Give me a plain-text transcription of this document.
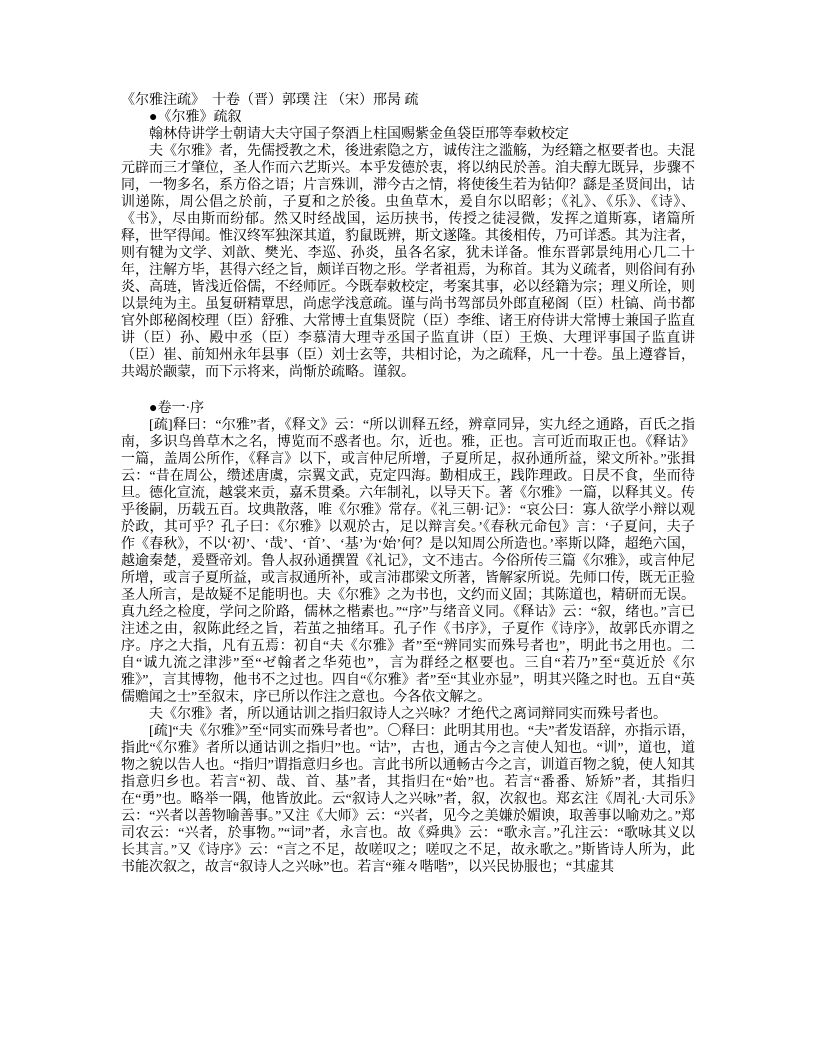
《尔雅注疏》　十卷（晋）郭璞 注 （宋）邢昺 疏

●《尔雅》疏叙

翰林侍讲学士朝请大夫守国子祭酒上柱国赐紫金鱼袋臣邢等奉敕校定

夫《尔雅》者，先儒授教之术，後进索隐之方，诚传注之滥觞，为经籍之枢要者也。夫混元辟而三才肇位，圣人作而六艺斯兴。本乎发德於衷，将以纳民於善。洎夫醇尢既异，步骤不同，一物多名，系方俗之语；片言殊训，滞今古之情，将使後生若为钻仰？繇是圣贤间出，诂训递陈，周公倡之於前，子夏和之於後。虫鱼草木，爰自尔以昭彰；《礼》、《乐》、《诗》、《书》，尽由斯而纷郁。然又时经战国，运历挟书，传授之徒浸微，发挥之道斯寡，诸篇所释，世罕得闻。惟汉终军独深其道，豹鼠既辨，斯文遂隆。其後相传，乃可详悉。其为注者，则有犍为文学、刘歆、樊光、李巡、孙炎，虽各名家，犹未详备。惟东晋郭景纯用心几二十年，注解方毕，甚得六经之旨，颇详百物之形。学者祖焉，为称首。其为义疏者，则俗间有孙炎、高琏，皆浅近俗儒，不经师匠。今既奉敕校定，考案其事，必以经籍为宗；理义所诠，则以景纯为主。虽复研精覃思，尚虑学浅意疏。谨与尚书驾部员外郎直秘阁（臣）杜镐、尚书都官外郎秘阁校理（臣）舒雅、大常博士直集贤院（臣）李维、诸王府侍讲大常博士兼国子监直讲（臣）孙、殿中丞（臣）李慕清大理寺丞国子监直讲（臣）王焕、大理评事国子监直讲（臣）崔、前知州永年县事（臣）刘士玄等，共相讨论，为之疏释，凡一十卷。虽上遵睿旨，共竭於颛蒙，而下示将来，尚惭於疏略。谨叙。

●卷一·序

[疏]释曰：“尔雅”者，《释文》云：“所以训释五经，辨章同异，实九经之通路，百氏之指南，多识鸟兽草木之名，博览而不惑者也。尔，近也。雅，正也。言可近而取正也。《释诂》一篇，盖周公所作，《释言》以下，或言仲尼所增，子夏所足，叔孙通所益，梁文所补。”张揖云：“昔在周公，缵述唐虞，宗翼文武，克定四海。勤相成王，践阼理政。日昃不食，坐而待旦。德化宣流，越裳来贡，嘉禾贯桑。六年制礼，以导天下。著《尔雅》一篇，以释其义。传乎後嗣，历载五百。坟典散落，唯《尔雅》常存。《礼三朝·记》：“哀公曰：寡人欲学小辩以观於政，其可乎？孔子曰：《尔雅》以观於古，足以辩言矣。’《春秋元命包》言：‘子夏问，夫子作《春秋》，不以‘初’、‘哉’、‘首’、‘基’为‘始’何？是以知周公所造也。’率斯以降，超绝六国，越逾秦楚，爰暨帝刘。鲁人叔孙通撰置《礼记》，文不违古。今俗所传三篇《尔雅》，或言仲尼所增，或言子夏所益，或言叔通所补，或言沛郡梁文所著，皆解家所说。先师口传，既无正验圣人所言，是故疑不足能明也。夫《尔雅》之为书也，文约而义固；其陈道也，精研而无误。真九经之检度，学问之阶路，儒林之楷素也。”“序”与绪音义同。《释诂》云：“叙，绪也。”言已注述之由，叙陈此经之旨，若茧之抽绪耳。孔子作《书序》，子夏作《诗序》，故郭氏亦谓之序。序之大指，凡有五焉：初自“夫《尔雅》者”至“辨同实而殊号者也”，明此书之用也。二自“诚九流之津涉”至“ゼ翰者之华苑也”，言为群经之枢要也。三自“若乃”至“莫近於《尔雅》”，言其博物，他书不之过也。四自“《尔雅》者”至“其业亦显”，明其兴隆之时也。五自“英儒赡闻之士”至叙末，序已所以作注之意也。今各依文解之。

夫《尔雅》者，所以通诂训之指归叙诗人之兴咏？才绝代之离词辩同实而殊号者也。

[疏]“夫《尔雅》”至“同实而殊号者也”。〇释曰：此明其用也。“夫”者发语辞，亦指示语，指此“《尔雅》者所以通诂训之指归”也。“诂”，古也，通古今之言使人知也。“训”，道也，道物之貌以告人也。“指归”谓指意归乡也。言此书所以通畅古今之言，训道百物之貌，使人知其指意归乡也。若言“初、哉、首、基”者，其指归在“始”也。若言“番番、矫矫”者，其指归在“勇”也。略举一隅，他皆放此。云“叙诗人之兴咏”者，叙，次叙也。郑玄注《周礼·大司乐》云：“兴者以善物喻善事。”又注《大师》云：“兴者，见今之美嫌於媚谀，取善事以喻劝之。”郑司农云：“兴者，於事物。”“词”者，永言也。故《舜典》云：“歌永言。”孔注云：“歌咏其义以长其言。”又《诗序》云：“言之不足，故嗟叹之；嗟叹之不足，故永歌之。”斯皆诗人所为，此书能次叙之，故言“叙诗人之兴咏”也。若言“雍々喈喈”，以兴民协服也；“其虚其
